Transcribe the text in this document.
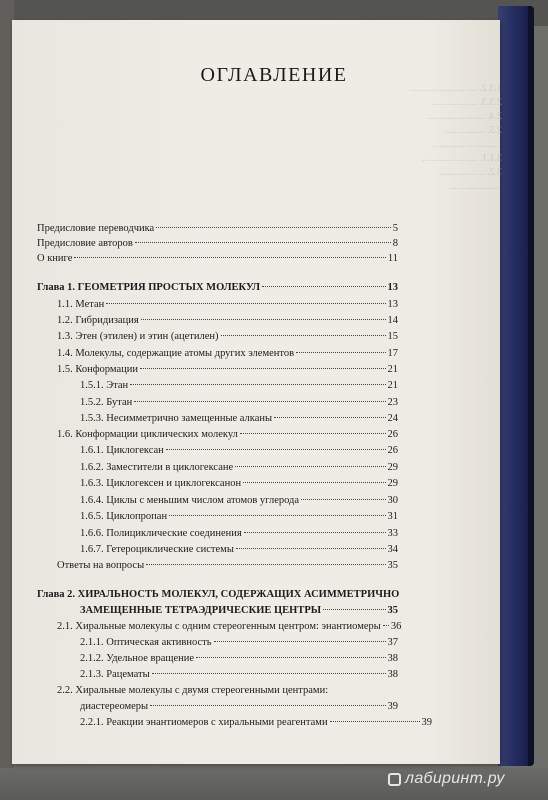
1.3.2. ...........................
2.3.3. ..................
2.4. .......................
2.5. ................
...........................
3.1.1. ......................
3.2. ..................
....................
ОГЛАВЛЕНИЕ
Предисловие переводчика	5
Предисловие авторов	8
О книге	11
Глава 1. ГЕОМЕТРИЯ ПРОСТЫХ МОЛЕКУЛ	13
1.1. Метан	13
1.2. Гибридизация	14
1.3. Этен (этилен) и этин (ацетилен)	15
1.4. Молекулы, содержащие атомы других элементов	17
1.5. Конформации	21
1.5.1. Этан	21
1.5.2. Бутан	23
1.5.3. Несимметрично замещенные алканы	24
1.6. Конформации циклических молекул	26
1.6.1. Циклогексан	26
1.6.2. Заместители в циклогексане	29
1.6.3. Циклогексен и циклогексанон	29
1.6.4. Циклы с меньшим числом атомов углерода	30
1.6.5. Циклопропан	31
1.6.6. Полициклические соединения	33
1.6.7. Гетероциклические системы	34
Ответы на вопросы	35
Глава 2. ХИРАЛЬНОСТЬ МОЛЕКУЛ, СОДЕРЖАЩИХ АСИММЕТРИЧНО
ЗАМЕЩЕННЫЕ ТЕТРАЭДРИЧЕСКИЕ ЦЕНТРЫ	35
2.1. Хиральные молекулы с одним стереогенным центром: энантиомеры 36
2.1.1. Оптическая активность	37
2.1.2. Удельное вращение	38
2.1.3. Рацематы	38
2.2. Хиральные молекулы с двумя стереогенными центрами:
диастереомеры	39
2.2.1. Реакции энантиомеров с хиральными реагентами	39
лабиринт.ру
